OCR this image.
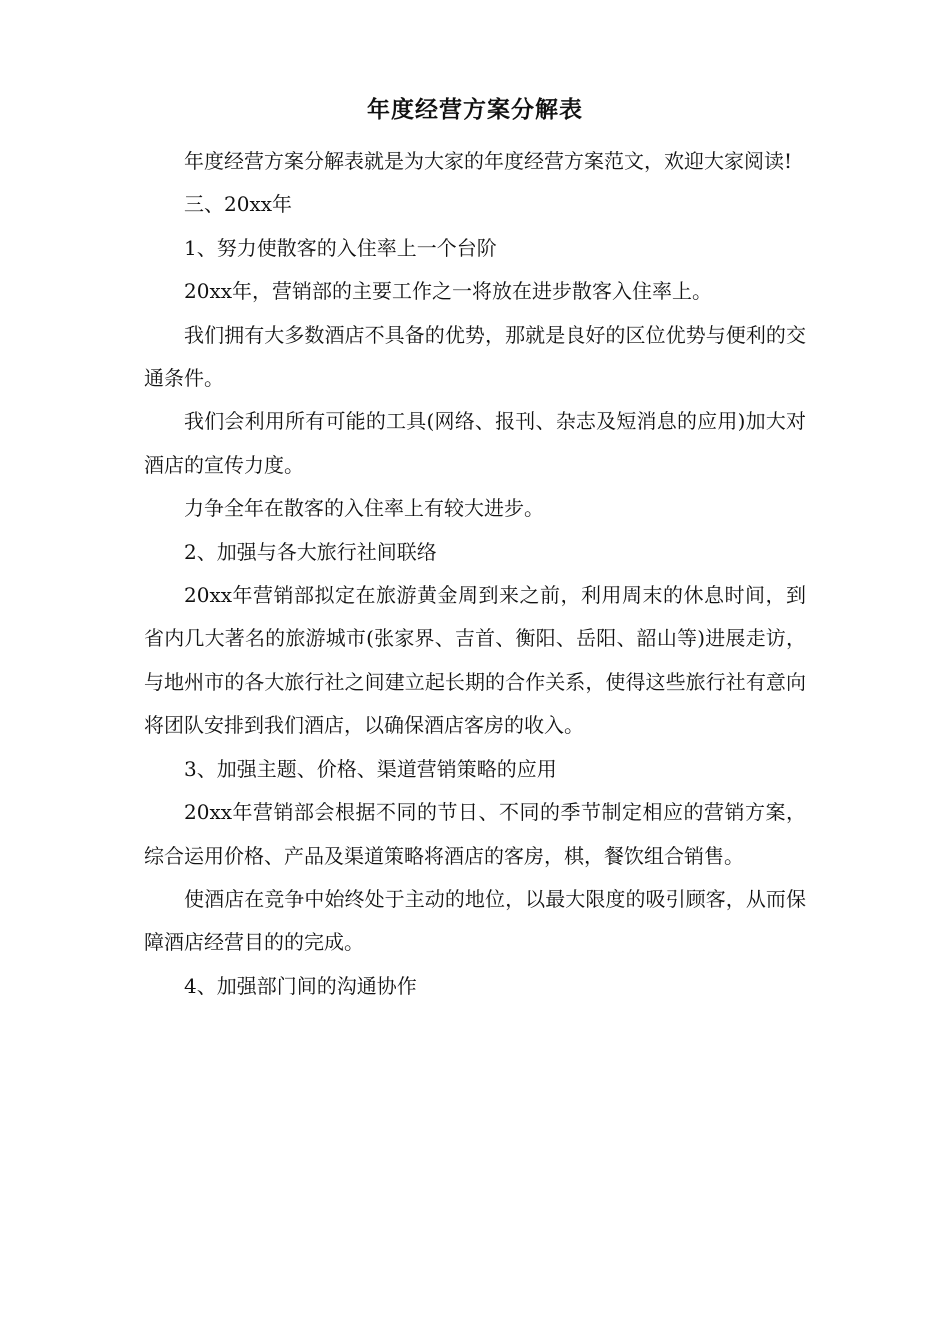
年度经营方案分解表

年度经营方案分解表就是为大家的年度经营方案范文，欢迎大家阅读!

三、20xx年

1、努力使散客的入住率上一个台阶

20xx年，营销部的主要工作之一将放在进步散客入住率上。

我们拥有大多数酒店不具备的优势，那就是良好的区位优势与便利的交通条件。

我们会利用所有可能的工具(网络、报刊、杂志及短消息的应用)加大对酒店的宣传力度。

力争全年在散客的入住率上有较大进步。

2、加强与各大旅行社间联络

20xx年营销部拟定在旅游黄金周到来之前，利用周末的休息时间，到省内几大著名的旅游城市(张家界、吉首、衡阳、岳阳、韶山等)进展走访，与地州市的各大旅行社之间建立起长期的合作关系，使得这些旅行社有意向将团队安排到我们酒店，以确保酒店客房的收入。

3、加强主题、价格、渠道营销策略的应用

20xx年营销部会根据不同的节日、不同的季节制定相应的营销方案，综合运用价格、产品及渠道策略将酒店的客房，棋，餐饮组合销售。

使酒店在竞争中始终处于主动的地位，以最大限度的吸引顾客，从而保障酒店经营目的的完成。

4、加强部门间的沟通协作
